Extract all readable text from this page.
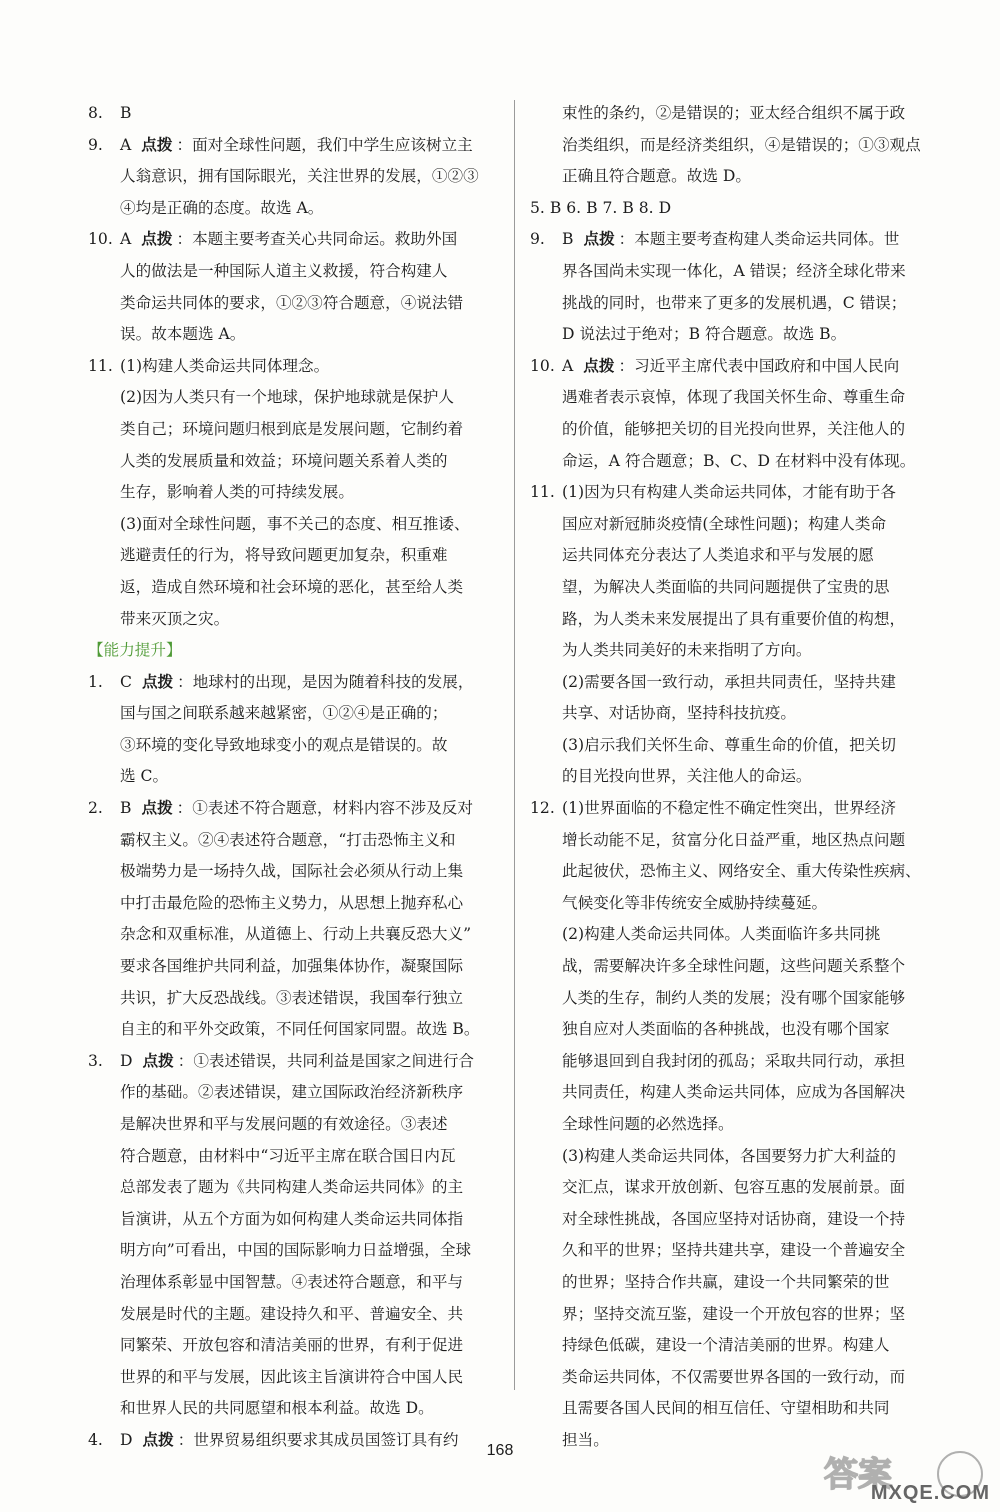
8. B

9. A 点拨 ：面对全球性问题，我们中学生应该树立主

人翁意识，拥有国际眼光，关注世界的发展，①②③

④均是正确的态度。故选 A。

10. A 点拨 ：本题主要考查关心共同命运。救助外国

人的做法是一种国际人道主义救援，符合构建人

类命运共同体的要求，①②③符合题意，④说法错

误。故本题选 A。

11. (1)构建人类命运共同体理念。

(2)因为人类只有一个地球，保护地球就是保护人

类自己；环境问题归根到底是发展问题，它制约着

人类的发展质量和效益；环境问题关系着人类的

生存，影响着人类的可持续发展。

(3)面对全球性问题，事不关己的态度、相互推诿、

逃避责任的行为，将导致问题更加复杂，积重难

返，造成自然环境和社会环境的恶化，甚至给人类

带来灭顶之灾。

【能力提升】

1. C 点拨 ：地球村的出现，是因为随着科技的发展，

国与国之间联系越来越紧密，①②④是正确的；

③环境的变化导致地球变小的观点是错误的。故

选 C。

2. B 点拨 ：①表述不符合题意，材料内容不涉及反对

霸权主义。②④表述符合题意，“打击恐怖主义和

极端势力是一场持久战，国际社会必须从行动上集

中打击最危险的恐怖主义势力，从思想上抛弃私心

杂念和双重标准，从道德上、行动上共襄反恐大义”

要求各国维护共同利益，加强集体协作，凝聚国际

共识，扩大反恐战线。③表述错误，我国奉行独立

自主的和平外交政策，不同任何国家同盟。故选 B。

3. D 点拨 ：①表述错误，共同利益是国家之间进行合

作的基础。②表述错误，建立国际政治经济新秩序

是解决世界和平与发展问题的有效途径。③表述

符合题意，由材料中“习近平主席在联合国日内瓦

总部发表了题为《共同构建人类命运共同体》的主

旨演讲，从五个方面为如何构建人类命运共同体指

明方向”可看出，中国的国际影响力日益增强，全球

治理体系彰显中国智慧。④表述符合题意，和平与

发展是时代的主题。建设持久和平、普遍安全、共

同繁荣、开放包容和清洁美丽的世界，有利于促进

世界的和平与发展，因此该主旨演讲符合中国人民

和世界人民的共同愿望和根本利益。故选 D。

4. D 点拨 ：世界贸易组织要求其成员国签订具有约

束性的条约，②是错误的；亚太经合组织不属于政

治类组织，而是经济类组织，④是错误的；①③观点

正确且符合题意。故选 D。

5. B 6. B 7. B 8. D

9. B 点拨 ：本题主要考查构建人类命运共同体。世

界各国尚未实现一体化，A 错误；经济全球化带来

挑战的同时，也带来了更多的发展机遇，C 错误；

D 说法过于绝对；B 符合题意。故选 B。

10. A 点拨 ：习近平主席代表中国政府和中国人民向

遇难者表示哀悼，体现了我国关怀生命、尊重生命

的价值，能够把关切的目光投向世界，关注他人的

命运，A 符合题意；B、C、D 在材料中没有体现。

11. (1)因为只有构建人类命运共同体，才能有助于各

国应对新冠肺炎疫情(全球性问题)；构建人类命

运共同体充分表达了人类追求和平与发展的愿

望，为解决人类面临的共同问题提供了宝贵的思

路，为人类未来发展提出了具有重要价值的构想，

为人类共同美好的未来指明了方向。

(2)需要各国一致行动，承担共同责任，坚持共建

共享、对话协商，坚持科技抗疫。

(3)启示我们关怀生命、尊重生命的价值，把关切

的目光投向世界，关注他人的命运。

12. (1)世界面临的不稳定性不确定性突出，世界经济

增长动能不足，贫富分化日益严重，地区热点问题

此起彼伏，恐怖主义、网络安全、重大传染性疾病、

气候变化等非传统安全威胁持续蔓延。

(2)构建人类命运共同体。人类面临许多共同挑

战，需要解决许多全球性问题，这些问题关系整个

人类的生存，制约人类的发展；没有哪个国家能够

独自应对人类面临的各种挑战，也没有哪个国家

能够退回到自我封闭的孤岛；采取共同行动，承担

共同责任，构建人类命运共同体，应成为各国解决

全球性问题的必然选择。

(3)构建人类命运共同体，各国要努力扩大利益的

交汇点，谋求开放创新、包容互惠的发展前景。面

对全球性挑战，各国应坚持对话协商，建设一个持

久和平的世界；坚持共建共享，建设一个普遍安全

的世界；坚持合作共赢，建设一个共同繁荣的世

界；坚持交流互鉴，建设一个开放包容的世界；坚

持绿色低碳，建设一个清洁美丽的世界。构建人

类命运共同体，不仅需要世界各国的一致行动，而

且需要各国人民间的相互信任、守望相助和共同

担当。

168
答案
MXQE.COM
